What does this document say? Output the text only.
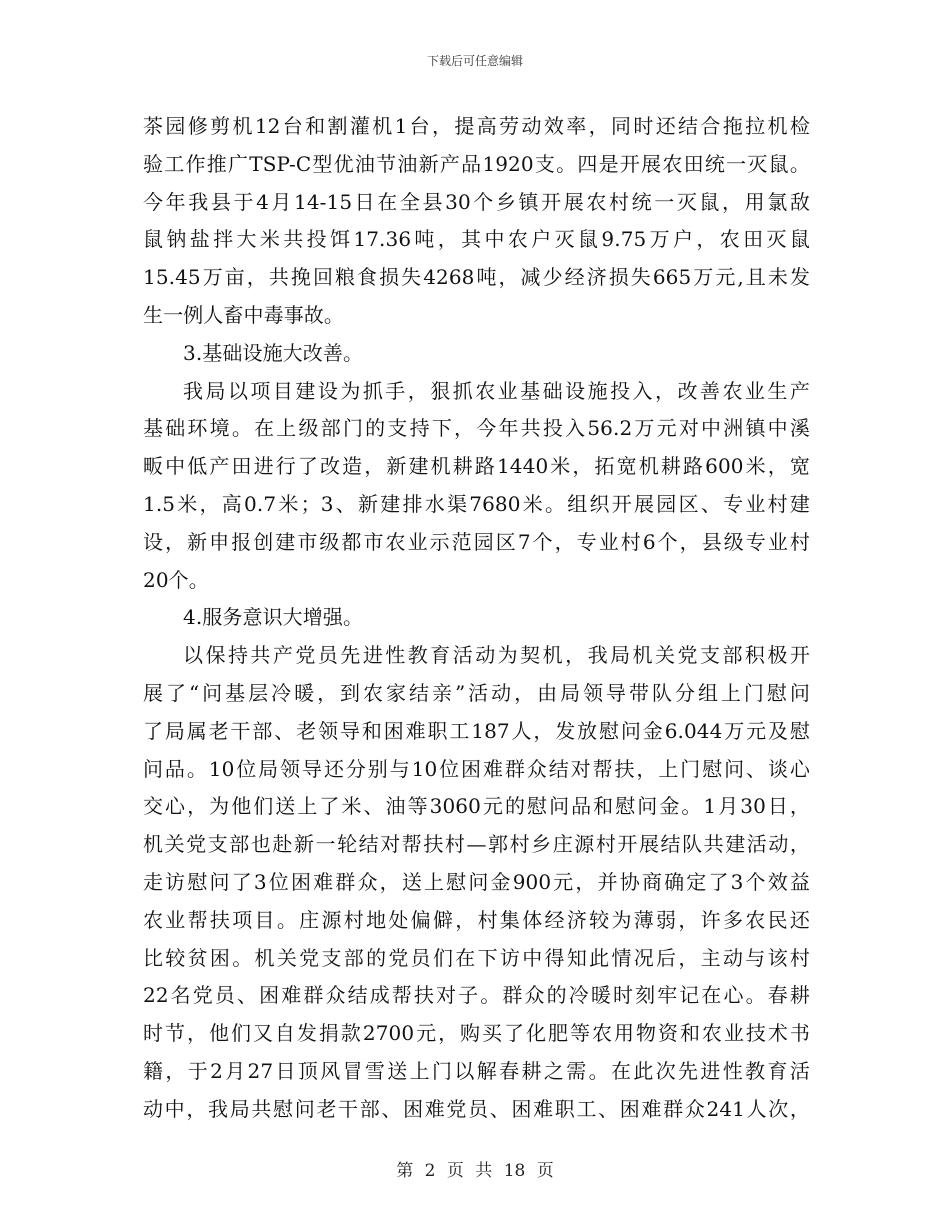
下载后可任意编辑
茶园修剪机12台和割灌机1台，提高劳动效率，同时还结合拖拉机检
验工作推广TSP-C型优油节油新产品1920支。四是开展农田统一灭鼠。
今年我县于4月14-15日在全县30个乡镇开展农村统一灭鼠，用氯敌
鼠钠盐拌大米共投饵17.36吨，其中农户灭鼠9.75万户，农田灭鼠
15.45万亩，共挽回粮食损失4268吨，减少经济损失665万元,且未发
生一例人畜中毒事故。
3.基础设施大改善。
我局以项目建设为抓手，狠抓农业基础设施投入，改善农业生产
基础环境。在上级部门的支持下，今年共投入56.2万元对中洲镇中溪
畈中低产田进行了改造，新建机耕路1440米，拓宽机耕路600米，宽
1.5米，高0.7米；3、新建排水渠7680米。组织开展园区、专业村建
设，新申报创建市级都市农业示范园区7个，专业村6个，县级专业村
20个。
4.服务意识大增强。
以保持共产党员先进性教育活动为契机，我局机关党支部积极开
展了“问基层冷暖，到农家结亲”活动，由局领导带队分组上门慰问
了局属老干部、老领导和困难职工187人，发放慰问金6.044万元及慰
问品。10位局领导还分别与10位困难群众结对帮扶，上门慰问、谈心
交心，为他们送上了米、油等3060元的慰问品和慰问金。1月30日，
机关党支部也赴新一轮结对帮扶村—郭村乡庄源村开展结队共建活动，
走访慰问了3位困难群众，送上慰问金900元，并协商确定了3个效益
农业帮扶项目。庄源村地处偏僻，村集体经济较为薄弱，许多农民还
比较贫困。机关党支部的党员们在下访中得知此情况后，主动与该村
22名党员、困难群众结成帮扶对子。群众的冷暖时刻牢记在心。春耕
时节，他们又自发捐款2700元，购买了化肥等农用物资和农业技术书
籍，于2月27日顶风冒雪送上门以解春耕之需。在此次先进性教育活
动中，我局共慰问老干部、困难党员、困难职工、困难群众241人次，
第 2 页 共 18 页
